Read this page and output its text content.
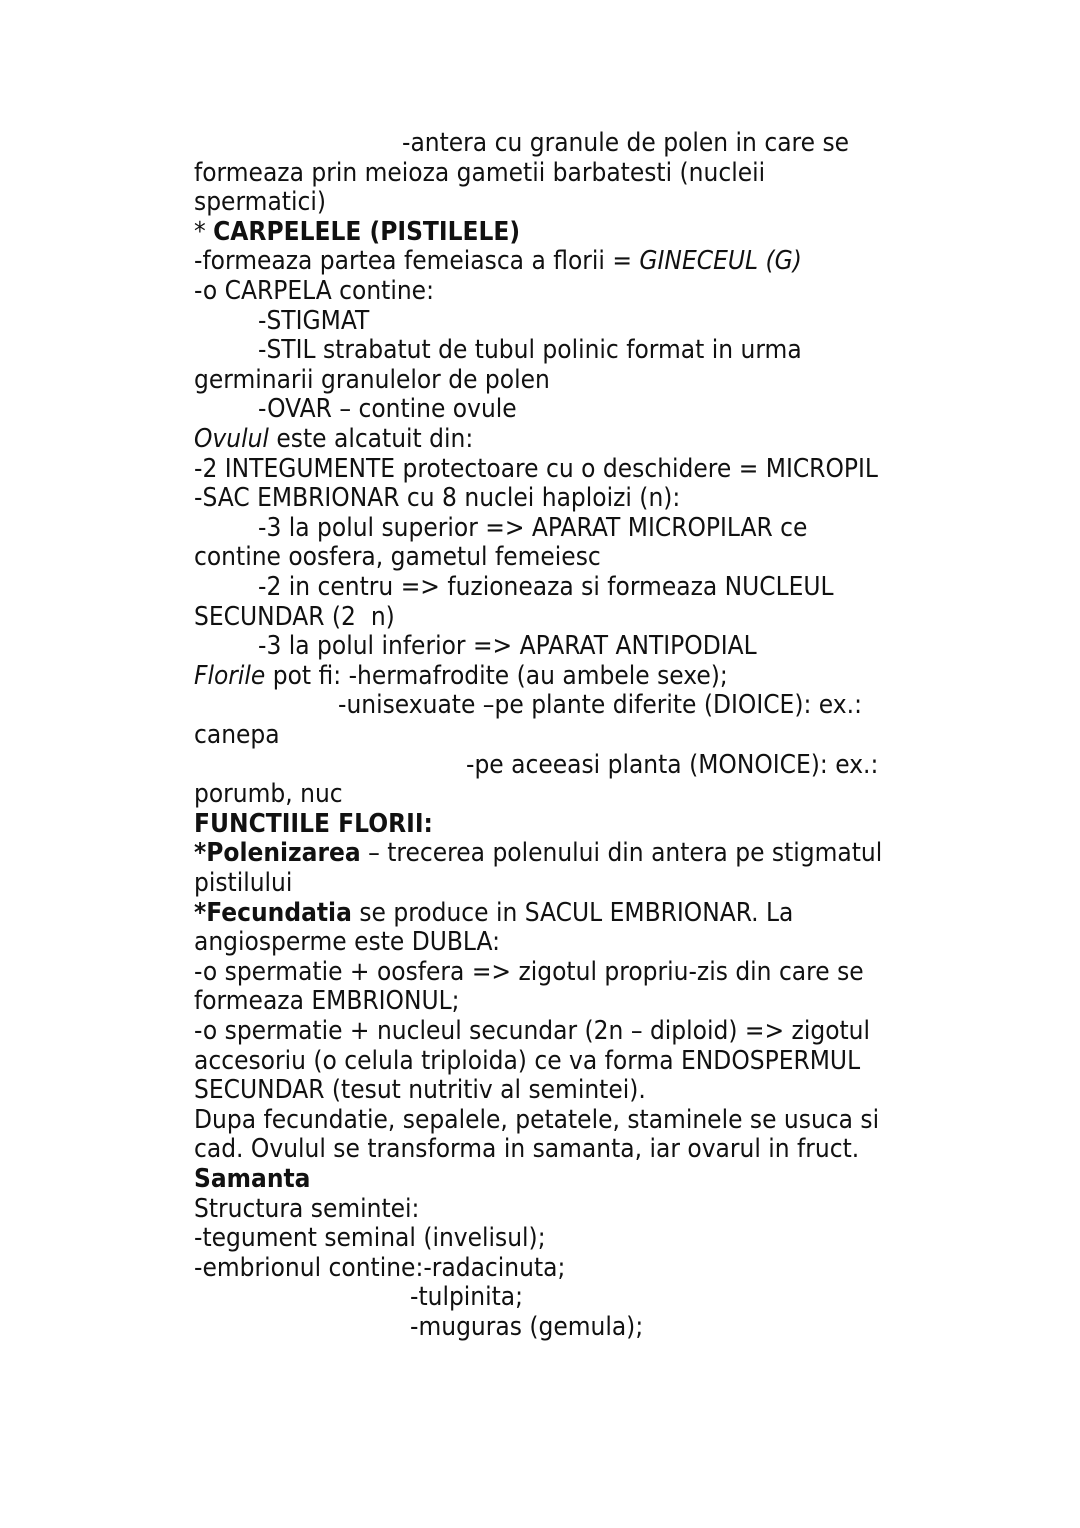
-antera cu granule de polen in care se
formeaza prin meioza gametii barbatesti (nucleii
spermatici)
* CARPELELE (PISTILELE)
-formeaza partea femeiasca a florii = GINECEUL (G)
-o CARPELA contine:
-STIGMAT
-STIL strabatut de tubul polinic format in urma
germinarii granulelor de polen
-OVAR – contine ovule
Ovulul este alcatuit din:
-2 INTEGUMENTE protectoare cu o deschidere = MICROPIL
-SAC EMBRIONAR cu 8 nuclei haploizi (n):
-3 la polul superior => APARAT MICROPILAR ce
contine oosfera, gametul femeiesc
-2 in centru => fuzioneaza si formeaza NUCLEUL
SECUNDAR (2  n)
-3 la polul inferior => APARAT ANTIPODIAL
Florile pot fi: -hermafrodite (au ambele sexe);
-unisexuate –pe plante diferite (DIOICE): ex.:
canepa
-pe aceeasi planta (MONOICE): ex.:
porumb, nuc
FUNCTIILE FLORII:
*Polenizarea – trecerea polenului din antera pe stigmatul
pistilului
*Fecundatia se produce in SACUL EMBRIONAR. La
angiosperme este DUBLA:
-o spermatie + oosfera => zigotul propriu-zis din care se
formeaza EMBRIONUL;
-o spermatie + nucleul secundar (2n – diploid) => zigotul
accesoriu (o celula triploida) ce va forma ENDOSPERMUL
SECUNDAR (tesut nutritiv al semintei).
Dupa fecundatie, sepalele, petatele, staminele se usuca si
cad. Ovulul se transforma in samanta, iar ovarul in fruct.
Samanta
Structura semintei:
-tegument seminal (invelisul);
-embrionul contine:-radacinuta;
-tulpinita;
-muguras (gemula);
